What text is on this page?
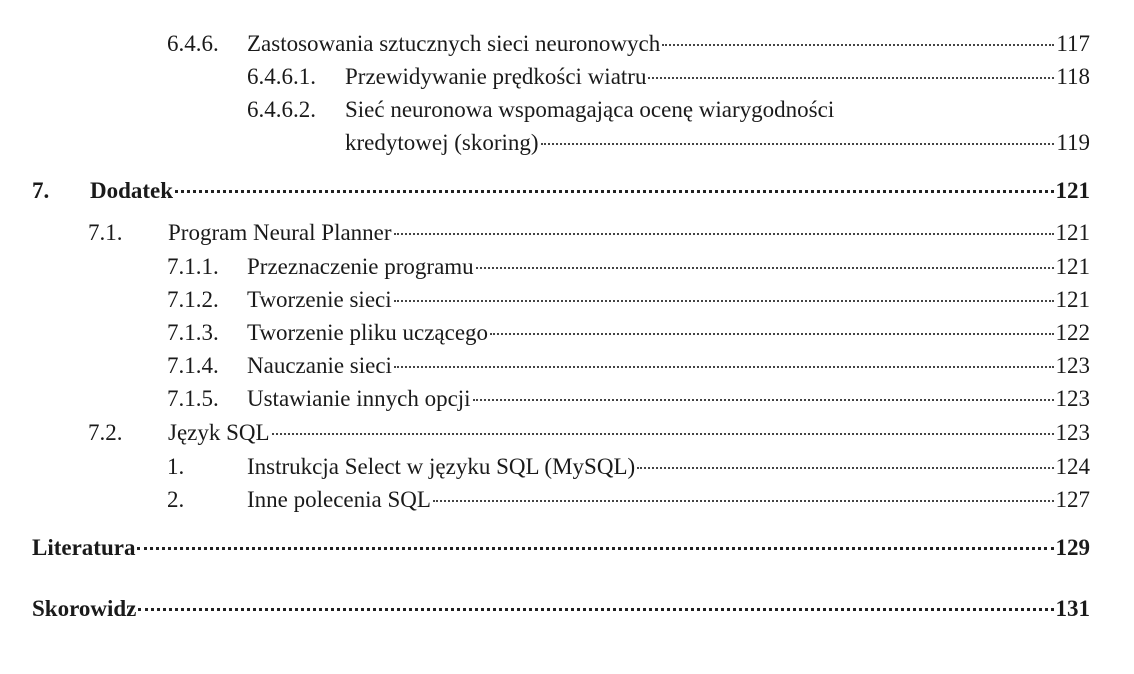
6.4.6.	Zastosowania sztucznych sieci neuronowych	117
6.4.6.1.	Przewidywanie prędkości wiatru	118
6.4.6.2. Sieć neuronowa wspomagająca ocenę wiarygodności
kredytowej (skoring)	119
7.	Dodatek	121
7.1.	Program Neural Planner	121
7.1.1.	Przeznaczenie programu	121
7.1.2.	Tworzenie sieci	121
7.1.3.	Tworzenie pliku uczącego	122
7.1.4.	Nauczanie sieci	123
7.1.5.	Ustawianie innych opcji	123
7.2.	Język SQL	123
1.	Instrukcja Select w języku SQL (MySQL)	124
2.	Inne polecenia SQL	127
Literatura	129
Skorowidz	131
